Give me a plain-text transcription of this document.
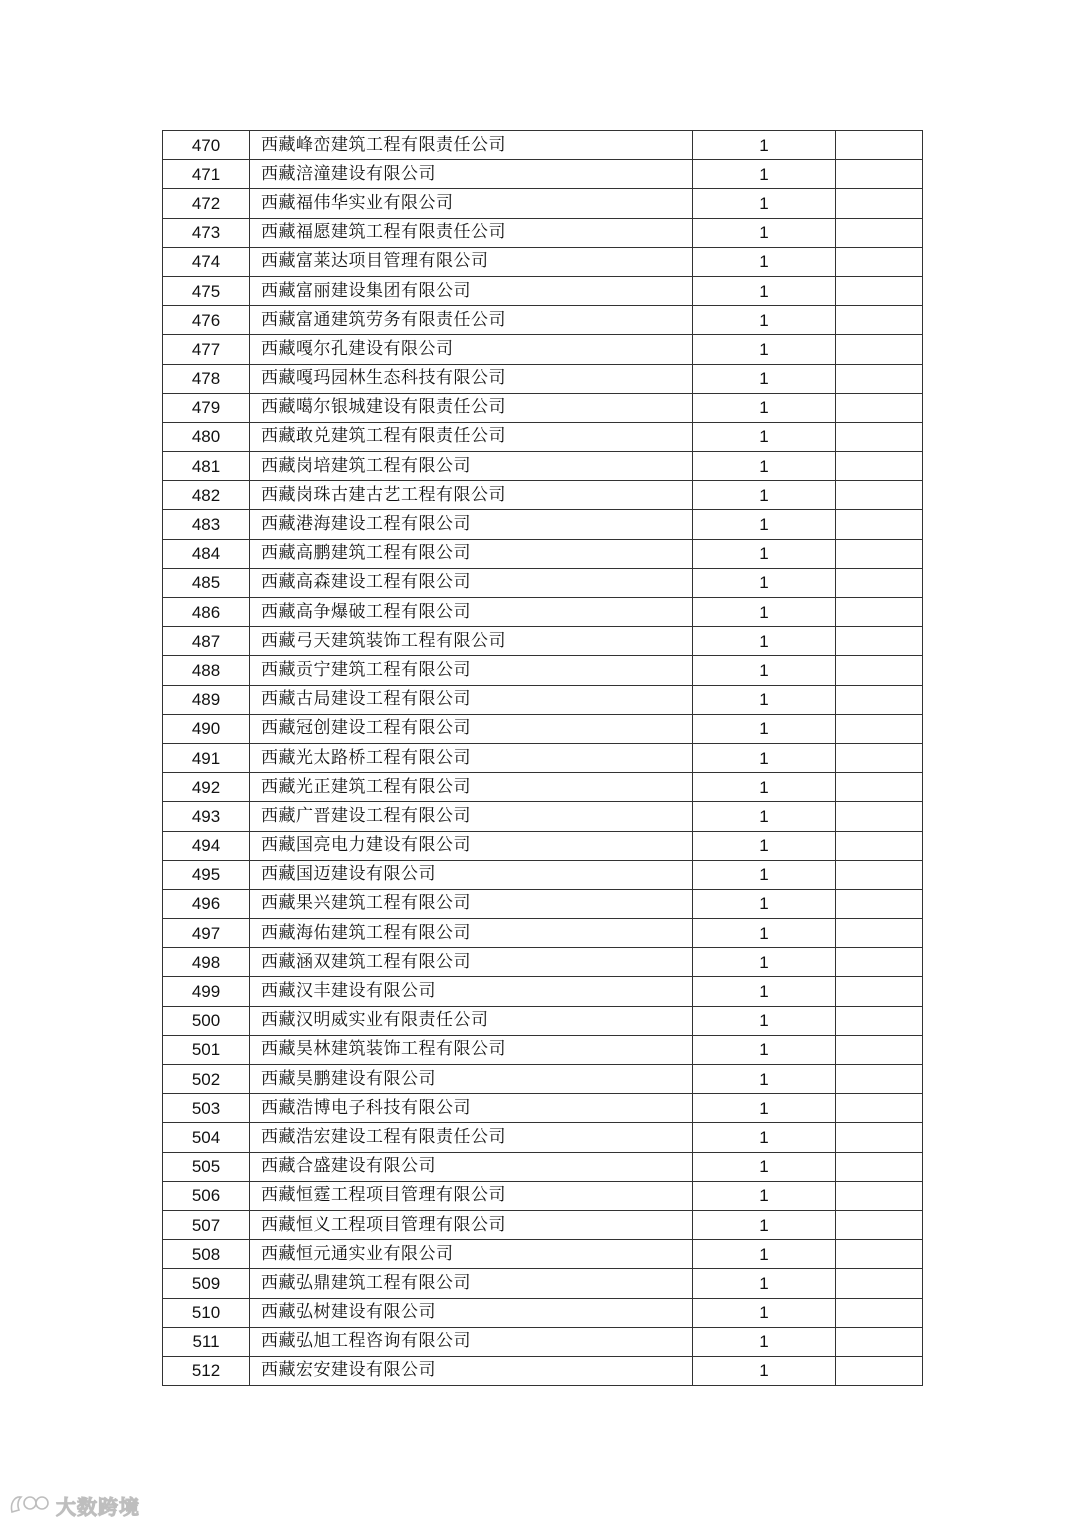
470	西藏峰峦建筑工程有限责任公司	1	
471	西藏涪潼建设有限公司	1	
472	西藏福伟华实业有限公司	1	
473	西藏福愿建筑工程有限责任公司	1	
474	西藏富莱达项目管理有限公司	1	
475	西藏富丽建设集团有限公司	1	
476	西藏富通建筑劳务有限责任公司	1	
477	西藏嘎尔孔建设有限公司	1	
478	西藏嘎玛园林生态科技有限公司	1	
479	西藏噶尔银城建设有限责任公司	1	
480	西藏敢兑建筑工程有限责任公司	1	
481	西藏岗培建筑工程有限公司	1	
482	西藏岗珠古建古艺工程有限公司	1	
483	西藏港海建设工程有限公司	1	
484	西藏高鹏建筑工程有限公司	1	
485	西藏高森建设工程有限公司	1	
486	西藏高争爆破工程有限公司	1	
487	西藏弓天建筑装饰工程有限公司	1	
488	西藏贡宁建筑工程有限公司	1	
489	西藏古局建设工程有限公司	1	
490	西藏冠创建设工程有限公司	1	
491	西藏光太路桥工程有限公司	1	
492	西藏光正建筑工程有限公司	1	
493	西藏广晋建设工程有限公司	1	
494	西藏国亮电力建设有限公司	1	
495	西藏国迈建设有限公司	1	
496	西藏果兴建筑工程有限公司	1	
497	西藏海佑建筑工程有限公司	1	
498	西藏涵双建筑工程有限公司	1	
499	西藏汉丰建设有限公司	1	
500	西藏汉明威实业有限责任公司	1	
501	西藏昊林建筑装饰工程有限公司	1	
502	西藏昊鹏建设有限公司	1	
503	西藏浩博电子科技有限公司	1	
504	西藏浩宏建设工程有限责任公司	1	
505	西藏合盛建设有限公司	1	
506	西藏恒霆工程项目管理有限公司	1	
507	西藏恒义工程项目管理有限公司	1	
508	西藏恒元通实业有限公司	1	
509	西藏弘鼎建筑工程有限公司	1	
510	西藏弘树建设有限公司	1	
511	西藏弘旭工程咨询有限公司	1	
512	西藏宏安建设有限公司	1	
大数跨境
